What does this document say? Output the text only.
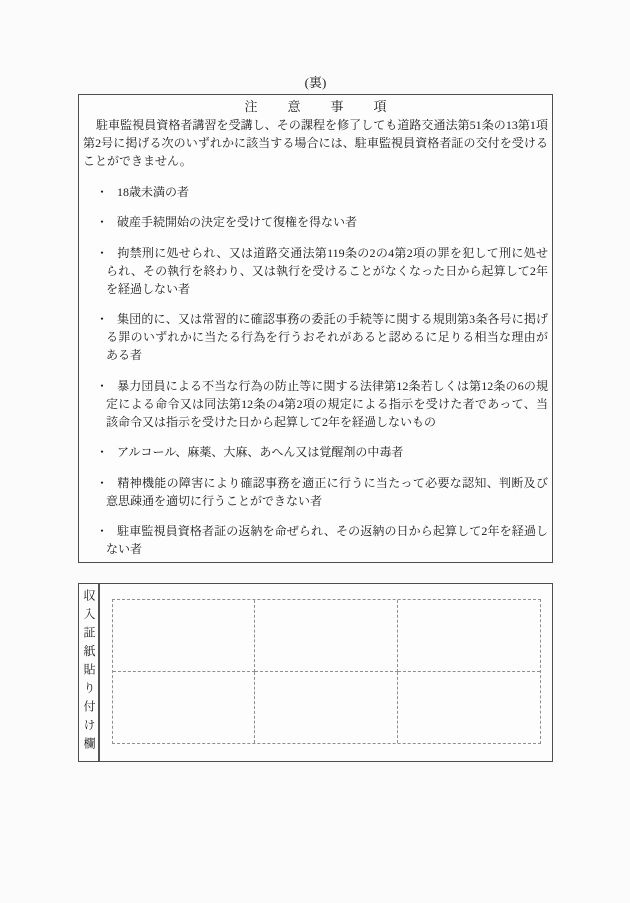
(裏)
注意事項
駐車監視員資格者講習を受講し、その課程を修了しても道路交通法第51条の13第1項第2号に掲げる次のいずれかに該当する場合には、駐車監視員資格者証の交付を受けることができません。
・ 18歳未満の者
・ 破産手続開始の決定を受けて復権を得ない者
・ 拘禁刑に処せられ、又は道路交通法第119条の2の4第2項の罪を犯して刑に処せられ、その執行を終わり、又は執行を受けることがなくなった日から起算して2年を経過しない者
・ 集団的に、又は常習的に確認事務の委託の手続等に関する規則第3条各号に掲げる罪のいずれかに当たる行為を行うおそれがあると認めるに足りる相当な理由がある者
・ 暴力団員による不当な行為の防止等に関する法律第12条若しくは第12条の6の規定による命令又は同法第12条の4第2項の規定による指示を受けた者であって、当該命令又は指示を受けた日から起算して2年を経過しないもの
・ アルコール、麻薬、大麻、あへん又は覚醒剤の中毒者
・ 精神機能の障害により確認事務を適正に行うに当たって必要な認知、判断及び意思疎通を適切に行うことができない者
・ 駐車監視員資格者証の返納を命ぜられ、その返納の日から起算して2年を経過しない者
収入証紙貼り付け欄
